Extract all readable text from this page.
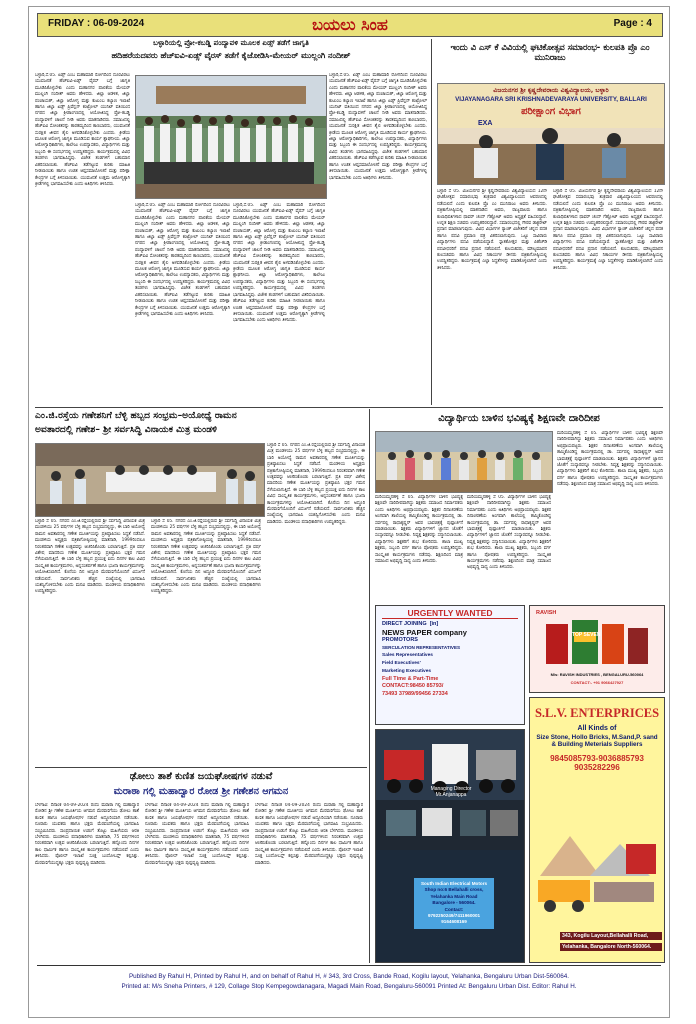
FRIDAY : 06-09-2024	ಬಯಲು ಸಿಂಹ	Page : 4
ಬಳ್ಳಾರಿಯಲ್ಲಿ ಪ್ರೋ-ಕಬಡ್ಡಿ ಪಂದ್ಯಾವಳಿ ಮೂಲಕ ಏಡ್ಸ್ ತಡೆಗೆ ಜಾಗೃತಿ
ಹದಿಹರೆಯದವರು ಹೆಚ್‌ಐವಿ-ಏಡ್ಸ್ ವೈರಸ್ ತಡೆಗೆ ಕೈಜೋಡಿಸಿ-ಮೇಯರ್ ಮುಲ್ಲಂಗಿ ನಂದೀಶ್

ಬಳ್ಳಾರಿ,ಸೆ.05. ಏಡ್ಸ್ ಎಂಬ ಮಹಾಮಾರಿ ರೋಗದಿಂದ ದೂರವಿರಲು ಯುವಜನತೆ ಹೆಚ್‌ಐವಿ-ಏಡ್ಸ್ ವೈರಸ್ ಬಗ್ಗೆ ಜಾಗೃತಿ ಮೂಡಿಸಿಕೊಳ್ಳಬೇಕು ಎಂದು ಮಹಾನಗರ ಪಾಲಿಕೆಯ ಮೇಯರ್ ಮುಲ್ಲಂಗಿ ನಂದೀಶ್ ಅವರು ಹೇಳಿದರು. ಜಿಲ್ಲಾ ಆಡಳಿತ, ಜಿಲ್ಲಾ ಪಂಚಾಯತ್, ಜಿಲ್ಲಾ ಆರೋಗ್ಯ ಮತ್ತು ಕುಟುಂಬ ಕಲ್ಯಾಣ ಇಲಾಖೆ ಹಾಗೂ ಜಿಲ್ಲಾ ಏಡ್ಸ್ ಪ್ರಿವೆನ್ಷನ್ ಕಂಟ್ರೋಲ್ ಯುನಿಟ್ ವತಿಯಿಂದ ನಗರದ ಜಿಲ್ಲಾ ಕ್ರೀಡಾಂಗಣದಲ್ಲಿ ಆಯೋಜಿಸಿದ್ದ ಪ್ರೋ-ಕಬಡ್ಡಿ ಪಂದ್ಯಾವಳಿಗೆ ಚಾಲನೆ ನೀಡಿ ಅವರು ಮಾತನಾಡಿದರು. ಸಮಾಜದಲ್ಲಿ ಹೆಚ್‌ಐವಿ ಸೋಂಕಿತರನ್ನು ತಾರತಮ್ಯದಿಂದ ಕಾಣಬಾರದು, ಯುವಜನತೆ ಸುರಕ್ಷಿತ ಜೀವನ ಶೈಲಿ ಅಳವಡಿಸಿಕೊಳ್ಳಬೇಕು ಎಂದರು. ಕ್ರೀಡೆಯ ಮೂಲಕ ಆರೋಗ್ಯ ಜಾಗೃತಿ ಮೂಡಿಸುವ ಕಾರ್ಯ ಶ್ಲಾಘನೀಯ. ಜಿಲ್ಲಾ ಆರೋಗ್ಯಾಧಿಕಾರಿಗಳು, ಕಾಲೇಜು ಉಪನ್ಯಾಸಕರು, ವಿದ್ಯಾರ್ಥಿಗಳು ಮತ್ತು ಸಿಬ್ಬಂದಿ ಈ ಸಂದರ್ಭದಲ್ಲಿ ಉಪಸ್ಥಿತರಿದ್ದರು. ಕಾರ್ಯಕ್ರಮದಲ್ಲಿ ವಿವಿಧ ತಂಡಗಳು ಭಾಗವಹಿಸಿದ್ದವು. ವಿಜೇತ ತಂಡಗಳಿಗೆ ಬಹುಮಾನ ವಿತರಿಸಲಾಯಿತು. ಹೆಚ್‌ಐವಿ ತಡೆಗಟ್ಟುವ ಕುರಿತು ಮಾಹಿತಿ ನೀಡಲಾಯಿತು ಹಾಗೂ ಉಚಿತ ಆಪ್ತಸಮಾಲೋಚನೆ ಮತ್ತು ಪರೀಕ್ಷಾ ಕೇಂದ್ರಗಳ ಬಗ್ಗೆ ತಿಳಿಸಲಾಯಿತು. ಯುವಜನತೆ ಉತ್ತಮ ಆರೋಗ್ಯಕ್ಕಾಗಿ ಕ್ರೀಡೆಗಳಲ್ಲಿ ಭಾಗವಹಿಸಬೇಕು ಎಂದು ಅತಿಥಿಗಳು ತಿಳಿಸಿದರು.

ಬಳ್ಳಾರಿ,ಸೆ.05. ಏಡ್ಸ್ ಎಂಬ ಮಹಾಮಾರಿ ರೋಗದಿಂದ ದೂರವಿರಲು ಯುವಜನತೆ ಹೆಚ್‌ಐವಿ-ಏಡ್ಸ್ ವೈರಸ್ ಬಗ್ಗೆ ಜಾಗೃತಿ ಮೂಡಿಸಿಕೊಳ್ಳಬೇಕು ಎಂದು ಮಹಾನಗರ ಪಾಲಿಕೆಯ ಮೇಯರ್ ಮುಲ್ಲಂಗಿ ನಂದೀಶ್ ಅವರು ಹೇಳಿದರು. ಜಿಲ್ಲಾ ಆಡಳಿತ, ಜಿಲ್ಲಾ ಪಂಚಾಯತ್, ಜಿಲ್ಲಾ ಆರೋಗ್ಯ ಮತ್ತು ಕುಟುಂಬ ಕಲ್ಯಾಣ ಇಲಾಖೆ ಹಾಗೂ ಜಿಲ್ಲಾ ಏಡ್ಸ್ ಪ್ರಿವೆನ್ಷನ್ ಕಂಟ್ರೋಲ್ ಯುನಿಟ್ ವತಿಯಿಂದ ನಗರದ ಜಿಲ್ಲಾ ಕ್ರೀಡಾಂಗಣದಲ್ಲಿ ಆಯೋಜಿಸಿದ್ದ ಪ್ರೋ-ಕಬಡ್ಡಿ ಪಂದ್ಯಾವಳಿಗೆ ಚಾಲನೆ ನೀಡಿ ಅವರು ಮಾತನಾಡಿದರು. ಸಮಾಜದಲ್ಲಿ ಹೆಚ್‌ಐವಿ ಸೋಂಕಿತರನ್ನು ತಾರತಮ್ಯದಿಂದ ಕಾಣಬಾರದು, ಯುವಜನತೆ ಸುರಕ್ಷಿತ ಜೀವನ ಶೈಲಿ ಅಳವಡಿಸಿಕೊಳ್ಳಬೇಕು ಎಂದರು. ಕ್ರೀಡೆಯ ಮೂಲಕ ಆರೋಗ್ಯ ಜಾಗೃತಿ ಮೂಡಿಸುವ ಕಾರ್ಯ ಶ್ಲಾಘನೀಯ. ಜಿಲ್ಲಾ ಆರೋಗ್ಯಾಧಿಕಾರಿಗಳು, ಕಾಲೇಜು ಉಪನ್ಯಾಸಕರು, ವಿದ್ಯಾರ್ಥಿಗಳು ಮತ್ತು ಸಿಬ್ಬಂದಿ ಈ ಸಂದರ್ಭದಲ್ಲಿ ಉಪಸ್ಥಿತರಿದ್ದರು. ಕಾರ್ಯಕ್ರಮದಲ್ಲಿ ವಿವಿಧ ತಂಡಗಳು ಭಾಗವಹಿಸಿದ್ದವು. ವಿಜೇತ ತಂಡಗಳಿಗೆ ಬಹುಮಾನ ವಿತರಿಸಲಾಯಿತು. ಹೆಚ್‌ಐವಿ ತಡೆಗಟ್ಟುವ ಕುರಿತು ಮಾಹಿತಿ ನೀಡಲಾಯಿತು ಹಾಗೂ ಉಚಿತ ಆಪ್ತಸಮಾಲೋಚನೆ ಮತ್ತು ಪರೀಕ್ಷಾ ಕೇಂದ್ರಗಳ ಬಗ್ಗೆ ತಿಳಿಸಲಾಯಿತು. ಯುವಜನತೆ ಉತ್ತಮ ಆರೋಗ್ಯಕ್ಕಾಗಿ ಕ್ರೀಡೆಗಳಲ್ಲಿ ಭಾಗವಹಿಸಬೇಕು ಎಂದು ಅತಿಥಿಗಳು ತಿಳಿಸಿದರು.

ಬಳ್ಳಾರಿ,ಸೆ.05. ಏಡ್ಸ್ ಎಂಬ ಮಹಾಮಾರಿ ರೋಗದಿಂದ ದೂರವಿರಲು ಯುವಜನತೆ ಹೆಚ್‌ಐವಿ-ಏಡ್ಸ್ ವೈರಸ್ ಬಗ್ಗೆ ಜಾಗೃತಿ ಮೂಡಿಸಿಕೊಳ್ಳಬೇಕು ಎಂದು ಮಹಾನಗರ ಪಾಲಿಕೆಯ ಮೇಯರ್ ಮುಲ್ಲಂಗಿ ನಂದೀಶ್ ಅವರು ಹೇಳಿದರು. ಜಿಲ್ಲಾ ಆಡಳಿತ, ಜಿಲ್ಲಾ ಪಂಚಾಯತ್, ಜಿಲ್ಲಾ ಆರೋಗ್ಯ ಮತ್ತು ಕುಟುಂಬ ಕಲ್ಯಾಣ ಇಲಾಖೆ ಹಾಗೂ ಜಿಲ್ಲಾ ಏಡ್ಸ್ ಪ್ರಿವೆನ್ಷನ್ ಕಂಟ್ರೋಲ್ ಯುನಿಟ್ ವತಿಯಿಂದ ನಗರದ ಜಿಲ್ಲಾ ಕ್ರೀಡಾಂಗಣದಲ್ಲಿ ಆಯೋಜಿಸಿದ್ದ ಪ್ರೋ-ಕಬಡ್ಡಿ ಪಂದ್ಯಾವಳಿಗೆ ಚಾಲನೆ ನೀಡಿ ಅವರು ಮಾತನಾಡಿದರು. ಸಮಾಜದಲ್ಲಿ ಹೆಚ್‌ಐವಿ ಸೋಂಕಿತರನ್ನು ತಾರತಮ್ಯದಿಂದ ಕಾಣಬಾರದು, ಯುವಜನತೆ ಸುರಕ್ಷಿತ ಜೀವನ ಶೈಲಿ ಅಳವಡಿಸಿಕೊಳ್ಳಬೇಕು ಎಂದರು. ಕ್ರೀಡೆಯ ಮೂಲಕ ಆರೋಗ್ಯ ಜಾಗೃತಿ ಮೂಡಿಸುವ ಕಾರ್ಯ ಶ್ಲಾಘನೀಯ. ಜಿಲ್ಲಾ ಆರೋಗ್ಯಾಧಿಕಾರಿಗಳು, ಕಾಲೇಜು ಉಪನ್ಯಾಸಕರು, ವಿದ್ಯಾರ್ಥಿಗಳು ಮತ್ತು ಸಿಬ್ಬಂದಿ ಈ ಸಂದರ್ಭದಲ್ಲಿ ಉಪಸ್ಥಿತರಿದ್ದರು. ಕಾರ್ಯಕ್ರಮದಲ್ಲಿ ವಿವಿಧ ತಂಡಗಳು ಭಾಗವಹಿಸಿದ್ದವು. ವಿಜೇತ ತಂಡಗಳಿಗೆ ಬಹುಮಾನ ವಿತರಿಸಲಾಯಿತು. ಹೆಚ್‌ಐವಿ ತಡೆಗಟ್ಟುವ ಕುರಿತು ಮಾಹಿತಿ ನೀಡಲಾಯಿತು ಹಾಗೂ ಉಚಿತ ಆಪ್ತಸಮಾಲೋಚನೆ ಮತ್ತು ಪರೀಕ್ಷಾ ಕೇಂದ್ರಗಳ ಬಗ್ಗೆ ತಿಳಿಸಲಾಯಿತು. ಯುವಜನತೆ ಉತ್ತಮ ಆರೋಗ್ಯಕ್ಕಾಗಿ ಕ್ರೀಡೆಗಳಲ್ಲಿ ಭಾಗವಹಿಸಬೇಕು ಎಂದು ಅತಿಥಿಗಳು ತಿಳಿಸಿದರು.

ಬಳ್ಳಾರಿ,ಸೆ.05. ಏಡ್ಸ್ ಎಂಬ ಮಹಾಮಾರಿ ರೋಗದಿಂದ ದೂರವಿರಲು ಯುವಜನತೆ ಹೆಚ್‌ಐವಿ-ಏಡ್ಸ್ ವೈರಸ್ ಬಗ್ಗೆ ಜಾಗೃತಿ ಮೂಡಿಸಿಕೊಳ್ಳಬೇಕು ಎಂದು ಮಹಾನಗರ ಪಾಲಿಕೆಯ ಮೇಯರ್ ಮುಲ್ಲಂಗಿ ನಂದೀಶ್ ಅವರು ಹೇಳಿದರು. ಜಿಲ್ಲಾ ಆಡಳಿತ, ಜಿಲ್ಲಾ ಪಂಚಾಯತ್, ಜಿಲ್ಲಾ ಆರೋಗ್ಯ ಮತ್ತು ಕುಟುಂಬ ಕಲ್ಯಾಣ ಇಲಾಖೆ ಹಾಗೂ ಜಿಲ್ಲಾ ಏಡ್ಸ್ ಪ್ರಿವೆನ್ಷನ್ ಕಂಟ್ರೋಲ್ ಯುನಿಟ್ ವತಿಯಿಂದ ನಗರದ ಜಿಲ್ಲಾ ಕ್ರೀಡಾಂಗಣದಲ್ಲಿ ಆಯೋಜಿಸಿದ್ದ ಪ್ರೋ-ಕಬಡ್ಡಿ ಪಂದ್ಯಾವಳಿಗೆ ಚಾಲನೆ ನೀಡಿ ಅವರು ಮಾತನಾಡಿದರು. ಸಮಾಜದಲ್ಲಿ ಹೆಚ್‌ಐವಿ ಸೋಂಕಿತರನ್ನು ತಾರತಮ್ಯದಿಂದ ಕಾಣಬಾರದು, ಯುವಜನತೆ ಸುರಕ್ಷಿತ ಜೀವನ ಶೈಲಿ ಅಳವಡಿಸಿಕೊಳ್ಳಬೇಕು ಎಂದರು. ಕ್ರೀಡೆಯ ಮೂಲಕ ಆರೋಗ್ಯ ಜಾಗೃತಿ ಮೂಡಿಸುವ ಕಾರ್ಯ ಶ್ಲಾಘನೀಯ. ಜಿಲ್ಲಾ ಆರೋಗ್ಯಾಧಿಕಾರಿಗಳು, ಕಾಲೇಜು ಉಪನ್ಯಾಸಕರು, ವಿದ್ಯಾರ್ಥಿಗಳು ಮತ್ತು ಸಿಬ್ಬಂದಿ ಈ ಸಂದರ್ಭದಲ್ಲಿ ಉಪಸ್ಥಿತರಿದ್ದರು. ಕಾರ್ಯಕ್ರಮದಲ್ಲಿ ವಿವಿಧ ತಂಡಗಳು ಭಾಗವಹಿಸಿದ್ದವು. ವಿಜೇತ ತಂಡಗಳಿಗೆ ಬಹುಮಾನ ವಿತರಿಸಲಾಯಿತು. ಹೆಚ್‌ಐವಿ ತಡೆಗಟ್ಟುವ ಕುರಿತು ಮಾಹಿತಿ ನೀಡಲಾಯಿತು ಹಾಗೂ ಉಚಿತ ಆಪ್ತಸಮಾಲೋಚನೆ ಮತ್ತು ಪರೀಕ್ಷಾ ಕೇಂದ್ರಗಳ ಬಗ್ಗೆ ತಿಳಿಸಲಾಯಿತು. ಯುವಜನತೆ ಉತ್ತಮ ಆರೋಗ್ಯಕ್ಕಾಗಿ ಕ್ರೀಡೆಗಳಲ್ಲಿ ಭಾಗವಹಿಸಬೇಕು ಎಂದು ಅತಿಥಿಗಳು ತಿಳಿಸಿದರು.

ಇಂದು ವಿ ಎಸ್ ಕೆ ವಿವಿಯಲ್ಲಿ ಘಟಿಕೋತ್ಸವ ಸಮಾರಂಭ- ಕುಲಪತಿ ಪ್ರೊ ಎಂ ಮುನಿರಾಜು
ವಿಜಯನಗರ ಶ್ರೀ ಕೃಷ್ಣದೇವರಾಯ ವಿಶ್ವವಿದ್ಯಾಲಯ, ಬಳ್ಳಾರಿ
VIJAYANAGARA SRI KRISHNADEVARAYA UNIVERSITY, BALLARI
ಪರೀಕ್ಷಾಂಗ ವಿಭಾಗ
EXA

ಬಳ್ಳಾರಿ ಸೆ 05. ವಿಜಯನಗರ ಶ್ರೀ ಕೃಷ್ಣದೇವರಾಯ ವಿಶ್ವವಿದ್ಯಾಲಯದ 12ನೇ ಘಟಿಕೋತ್ಸವ ಸಮಾರಂಭವು ಶುಕ್ರವಾರ ವಿಶ್ವವಿದ್ಯಾಲಯದ ಆವರಣದಲ್ಲಿ ನಡೆಯಲಿದೆ ಎಂದು ಕುಲಪತಿ ಪ್ರೊ ಎಂ ಮುನಿರಾಜು ಅವರು ತಿಳಿಸಿದರು. ಪತ್ರಿಕಾಗೋಷ್ಠಿಯಲ್ಲಿ ಮಾತನಾಡಿದ ಅವರು, ರಾಜ್ಯಪಾಲರು ಹಾಗೂ ಕುಲಾಧಿಪತಿಗಳಾದ ಥಾವರ್ ಚಂದ್ ಗೆಹ್ಲೋಟ್ ಅವರು ಅಧ್ಯಕ್ಷತೆ ವಹಿಸಲಿದ್ದಾರೆ. ಉನ್ನತ ಶಿಕ್ಷಣ ಸಚಿವರು ಉಪಸ್ಥಿತರಿರಲಿದ್ದಾರೆ. ಸಮಾರಂಭದಲ್ಲಿ ಗೌರವ ಡಾಕ್ಟರೇಟ್ ಪ್ರದಾನ ಮಾಡಲಾಗುವುದು. ವಿವಿಧ ವಿಭಾಗಗಳ ರ‍್ಯಾಂಕ್ ವಿಜೇತರಿಗೆ ಚಿನ್ನದ ಪದಕ ಹಾಗೂ ಪದವಿ ಪ್ರಮಾಣ ಪತ್ರ ವಿತರಿಸಲಾಗುವುದು. ಒಟ್ಟು ಸಾವಿರಾರು ವಿದ್ಯಾರ್ಥಿಗಳು ಪದವಿ ಪಡೆಯಲಿದ್ದಾರೆ. ಸ್ನಾತಕೋತ್ತರ ಮತ್ತು ಪಿಹೆಚ್‌ಡಿ ಪದವೀಧರರಿಗೆ ಪದವಿ ಪ್ರದಾನ ನಡೆಯಲಿದೆ. ಕುಲಸಚಿವರು, ಮೌಲ್ಯಮಾಪನ ಕುಲಸಚಿವರು ಹಾಗೂ ವಿವಿಧ ನಿಕಾಯಗಳ ಡೀನರು ಪತ್ರಿಕಾಗೋಷ್ಠಿಯಲ್ಲಿ ಉಪಸ್ಥಿತರಿದ್ದರು. ಕಾರ್ಯಕ್ರಮಕ್ಕೆ ಎಲ್ಲಾ ಸಿದ್ಧತೆಗಳನ್ನು ಮಾಡಿಕೊಳ್ಳಲಾಗಿದೆ ಎಂದು ತಿಳಿಸಿದರು.

ಬಳ್ಳಾರಿ ಸೆ 05. ವಿಜಯನಗರ ಶ್ರೀ ಕೃಷ್ಣದೇವರಾಯ ವಿಶ್ವವಿದ್ಯಾಲಯದ 12ನೇ ಘಟಿಕೋತ್ಸವ ಸಮಾರಂಭವು ಶುಕ್ರವಾರ ವಿಶ್ವವಿದ್ಯಾಲಯದ ಆವರಣದಲ್ಲಿ ನಡೆಯಲಿದೆ ಎಂದು ಕುಲಪತಿ ಪ್ರೊ ಎಂ ಮುನಿರಾಜು ಅವರು ತಿಳಿಸಿದರು. ಪತ್ರಿಕಾಗೋಷ್ಠಿಯಲ್ಲಿ ಮಾತನಾಡಿದ ಅವರು, ರಾಜ್ಯಪಾಲರು ಹಾಗೂ ಕುಲಾಧಿಪತಿಗಳಾದ ಥಾವರ್ ಚಂದ್ ಗೆಹ್ಲೋಟ್ ಅವರು ಅಧ್ಯಕ್ಷತೆ ವಹಿಸಲಿದ್ದಾರೆ. ಉನ್ನತ ಶಿಕ್ಷಣ ಸಚಿವರು ಉಪಸ್ಥಿತರಿರಲಿದ್ದಾರೆ. ಸಮಾರಂಭದಲ್ಲಿ ಗೌರವ ಡಾಕ್ಟರೇಟ್ ಪ್ರದಾನ ಮಾಡಲಾಗುವುದು. ವಿವಿಧ ವಿಭಾಗಗಳ ರ‍್ಯಾಂಕ್ ವಿಜೇತರಿಗೆ ಚಿನ್ನದ ಪದಕ ಹಾಗೂ ಪದವಿ ಪ್ರಮಾಣ ಪತ್ರ ವಿತರಿಸಲಾಗುವುದು. ಒಟ್ಟು ಸಾವಿರಾರು ವಿದ್ಯಾರ್ಥಿಗಳು ಪದವಿ ಪಡೆಯಲಿದ್ದಾರೆ. ಸ್ನಾತಕೋತ್ತರ ಮತ್ತು ಪಿಹೆಚ್‌ಡಿ ಪದವೀಧರರಿಗೆ ಪದವಿ ಪ್ರದಾನ ನಡೆಯಲಿದೆ. ಕುಲಸಚಿವರು, ಮೌಲ್ಯಮಾಪನ ಕುಲಸಚಿವರು ಹಾಗೂ ವಿವಿಧ ನಿಕಾಯಗಳ ಡೀನರು ಪತ್ರಿಕಾಗೋಷ್ಠಿಯಲ್ಲಿ ಉಪಸ್ಥಿತರಿದ್ದರು. ಕಾರ್ಯಕ್ರಮಕ್ಕೆ ಎಲ್ಲಾ ಸಿದ್ಧತೆಗಳನ್ನು ಮಾಡಿಕೊಳ್ಳಲಾಗಿದೆ ಎಂದು ತಿಳಿಸಿದರು.

ಎಂ.ಜಿ.ರಸ್ತೆಯ ಗಣೇಶನಿಗೆ ಬೆಳ್ಳಿ ಹಬ್ಬದ ಸಂಭ್ರಮ–ಅಯೋಧ್ಯೆ ರಾಮನ
ಅವತಾರದಲ್ಲಿ ಗಣೇಶ– ಶ್ರೀ ಸರ್ವಸಿದ್ಧಿ ವಿನಾಯಕ ಮಿತ್ರ ಮಂಡಳಿ

ಬಳ್ಳಾರಿ ಸೆ 05. ನಗರದ ಎಂ.ಜಿ.ರಸ್ತೆಯಲ್ಲಿರುವ ಶ್ರೀ ಸರ್ವಸಿದ್ಧಿ ವಿನಾಯಕ ಮಿತ್ರ ಮಂಡಳಿಯು 25 ವರ್ಷಗಳ ಬೆಳ್ಳಿ ಹಬ್ಬದ ಸಂಭ್ರಮದಲ್ಲಿದ್ದು, ಈ ಬಾರಿ ಅಯೋಧ್ಯೆ ರಾಮನ ಅವತಾರದಲ್ಲಿ ಗಣೇಶ ಮೂರ್ತಿಯನ್ನು ಪ್ರತಿಷ್ಠಾಪಿಸಲು ಸಿದ್ಧತೆ ನಡೆಸಿದೆ. ಮಂಡಳಿಯ ಅಧ್ಯಕ್ಷರು ಪತ್ರಿಕಾಗೋಷ್ಠಿಯಲ್ಲಿ ಮಾತನಾಡಿ, 1999ರಿಂದಲೂ ನಿರಂತರವಾಗಿ ಗಣೇಶ ಉತ್ಸವವನ್ನು ಆಚರಿಸಿಕೊಂಡು ಬರಲಾಗುತ್ತಿದೆ. ಪ್ರತಿ ವರ್ಷ ವಿಶೇಷ ಮಾದರಿಯ ಗಣೇಶ ಮೂರ್ತಿಯನ್ನು ಪ್ರತಿಷ್ಠಾಪಿಸಿ ಭಕ್ತರ ಗಮನ ಸೆಳೆಯಲಾಗುತ್ತಿದೆ. ಈ ಬಾರಿ ಬೆಳ್ಳಿ ಹಬ್ಬದ ಪ್ರಯುಕ್ತ ಐದು ದಿನಗಳ ಕಾಲ ವಿವಿಧ ಸಾಂಸ್ಕೃತಿಕ ಕಾರ್ಯಕ್ರಮಗಳು, ಅನ್ನಸಂತರ್ಪಣೆ ಹಾಗೂ ಭಜನಾ ಕಾರ್ಯಕ್ರಮಗಳನ್ನು ಆಯೋಜಿಸಲಾಗಿದೆ. ಕೊನೆಯ ದಿನ ಅದ್ದೂರಿ ಮೆರವಣಿಗೆಯೊಂದಿಗೆ ವಿಸರ್ಜನೆ ನಡೆಯಲಿದೆ. ಸಾರ್ವಜನಿಕರು ಹೆಚ್ಚಿನ ಸಂಖ್ಯೆಯಲ್ಲಿ ಭಾಗವಹಿಸಿ ಯಶಸ್ವಿಗೊಳಿಸಬೇಕು ಎಂದು ಮನವಿ ಮಾಡಿದರು. ಮಂಡಳಿಯ ಪದಾಧಿಕಾರಿಗಳು ಉಪಸ್ಥಿತರಿದ್ದರು.

ಬಳ್ಳಾರಿ ಸೆ 05. ನಗರದ ಎಂ.ಜಿ.ರಸ್ತೆಯಲ್ಲಿರುವ ಶ್ರೀ ಸರ್ವಸಿದ್ಧಿ ವಿನಾಯಕ ಮಿತ್ರ ಮಂಡಳಿಯು 25 ವರ್ಷಗಳ ಬೆಳ್ಳಿ ಹಬ್ಬದ ಸಂಭ್ರಮದಲ್ಲಿದ್ದು, ಈ ಬಾರಿ ಅಯೋಧ್ಯೆ ರಾಮನ ಅವತಾರದಲ್ಲಿ ಗಣೇಶ ಮೂರ್ತಿಯನ್ನು ಪ್ರತಿಷ್ಠಾಪಿಸಲು ಸಿದ್ಧತೆ ನಡೆಸಿದೆ. ಮಂಡಳಿಯ ಅಧ್ಯಕ್ಷರು ಪತ್ರಿಕಾಗೋಷ್ಠಿಯಲ್ಲಿ ಮಾತನಾಡಿ, 1999ರಿಂದಲೂ ನಿರಂತರವಾಗಿ ಗಣೇಶ ಉತ್ಸವವನ್ನು ಆಚರಿಸಿಕೊಂಡು ಬರಲಾಗುತ್ತಿದೆ. ಪ್ರತಿ ವರ್ಷ ವಿಶೇಷ ಮಾದರಿಯ ಗಣೇಶ ಮೂರ್ತಿಯನ್ನು ಪ್ರತಿಷ್ಠಾಪಿಸಿ ಭಕ್ತರ ಗಮನ ಸೆಳೆಯಲಾಗುತ್ತಿದೆ. ಈ ಬಾರಿ ಬೆಳ್ಳಿ ಹಬ್ಬದ ಪ್ರಯುಕ್ತ ಐದು ದಿನಗಳ ಕಾಲ ವಿವಿಧ ಸಾಂಸ್ಕೃತಿಕ ಕಾರ್ಯಕ್ರಮಗಳು, ಅನ್ನಸಂತರ್ಪಣೆ ಹಾಗೂ ಭಜನಾ ಕಾರ್ಯಕ್ರಮಗಳನ್ನು ಆಯೋಜಿಸಲಾಗಿದೆ. ಕೊನೆಯ ದಿನ ಅದ್ದೂರಿ ಮೆರವಣಿಗೆಯೊಂದಿಗೆ ವಿಸರ್ಜನೆ ನಡೆಯಲಿದೆ. ಸಾರ್ವಜನಿಕರು ಹೆಚ್ಚಿನ ಸಂಖ್ಯೆಯಲ್ಲಿ ಭಾಗವಹಿಸಿ ಯಶಸ್ವಿಗೊಳಿಸಬೇಕು ಎಂದು ಮನವಿ ಮಾಡಿದರು. ಮಂಡಳಿಯ ಪದಾಧಿಕಾರಿಗಳು ಉಪಸ್ಥಿತರಿದ್ದರು.

ಬಳ್ಳಾರಿ ಸೆ 05. ನಗರದ ಎಂ.ಜಿ.ರಸ್ತೆಯಲ್ಲಿರುವ ಶ್ರೀ ಸರ್ವಸಿದ್ಧಿ ವಿನಾಯಕ ಮಿತ್ರ ಮಂಡಳಿಯು 25 ವರ್ಷಗಳ ಬೆಳ್ಳಿ ಹಬ್ಬದ ಸಂಭ್ರಮದಲ್ಲಿದ್ದು, ಈ ಬಾರಿ ಅಯೋಧ್ಯೆ ರಾಮನ ಅವತಾರದಲ್ಲಿ ಗಣೇಶ ಮೂರ್ತಿಯನ್ನು ಪ್ರತಿಷ್ಠಾಪಿಸಲು ಸಿದ್ಧತೆ ನಡೆಸಿದೆ. ಮಂಡಳಿಯ ಅಧ್ಯಕ್ಷರು ಪತ್ರಿಕಾಗೋಷ್ಠಿಯಲ್ಲಿ ಮಾತನಾಡಿ, 1999ರಿಂದಲೂ ನಿರಂತರವಾಗಿ ಗಣೇಶ ಉತ್ಸವವನ್ನು ಆಚರಿಸಿಕೊಂಡು ಬರಲಾಗುತ್ತಿದೆ. ಪ್ರತಿ ವರ್ಷ ವಿಶೇಷ ಮಾದರಿಯ ಗಣೇಶ ಮೂರ್ತಿಯನ್ನು ಪ್ರತಿಷ್ಠಾಪಿಸಿ ಭಕ್ತರ ಗಮನ ಸೆಳೆಯಲಾಗುತ್ತಿದೆ. ಈ ಬಾರಿ ಬೆಳ್ಳಿ ಹಬ್ಬದ ಪ್ರಯುಕ್ತ ಐದು ದಿನಗಳ ಕಾಲ ವಿವಿಧ ಸಾಂಸ್ಕೃತಿಕ ಕಾರ್ಯಕ್ರಮಗಳು, ಅನ್ನಸಂತರ್ಪಣೆ ಹಾಗೂ ಭಜನಾ ಕಾರ್ಯಕ್ರಮಗಳನ್ನು ಆಯೋಜಿಸಲಾಗಿದೆ. ಕೊನೆಯ ದಿನ ಅದ್ದೂರಿ ಮೆರವಣಿಗೆಯೊಂದಿಗೆ ವಿಸರ್ಜನೆ ನಡೆಯಲಿದೆ. ಸಾರ್ವಜನಿಕರು ಹೆಚ್ಚಿನ ಸಂಖ್ಯೆಯಲ್ಲಿ ಭಾಗವಹಿಸಿ ಯಶಸ್ವಿಗೊಳಿಸಬೇಕು ಎಂದು ಮನವಿ ಮಾಡಿದರು. ಮಂಡಳಿಯ ಪದಾಧಿಕಾರಿಗಳು ಉಪಸ್ಥಿತರಿದ್ದರು.

ಢೋಲು ತಾಶೆ ಕುಣಿತ ಜಯಘೋಷಗಳ ನಡುವೆ
ಮರಾಠಾ ಗಲ್ಲಿ ಮಹಾದ್ವಾರ ರೋಡ ಶ್ರೀ ಗಣೇಶನ ಆಗಮನ

ಬೆಳಗಾವಿ: ದಿನಾಂಕ 04-09-2024 ರಂದು ಮರಾಠಾ ಗಲ್ಲಿ ಮಹಾದ್ವಾರ ರೋಡಿನ ಶ್ರೀ ಗಣೇಶ ಮೂರ್ತಿಯ ಆಗಮನ ಮೆರವಣಿಗೆಯು ಢೋಲು ತಾಶೆ ಕುಣಿತ ಹಾಗೂ ಜಯಘೋಷಗಳ ನಡುವೆ ಅದ್ದೂರಿಯಾಗಿ ನಡೆಯಿತು. ನೂರಾರು ಯುವಕರು ಹಾಗೂ ಭಕ್ತರು ಮೆರವಣಿಗೆಯಲ್ಲಿ ಭಾಗವಹಿಸಿ ಸಂಭ್ರಮಿಸಿದರು. ಸಾಂಪ್ರದಾಯಿಕ ಉಡುಗೆ ತೊಟ್ಟು ಮಹಿಳೆಯರು ಆರತಿ ಬೆಳಗಿದರು. ಮಂಡಳಿಯ ಪದಾಧಿಕಾರಿಗಳು ಮಾತನಾಡಿ, 75 ವರ್ಷಗಳಿಂದ ನಿರಂತರವಾಗಿ ಉತ್ಸವ ಆಚರಿಸಿಕೊಂಡು ಬರಲಾಗುತ್ತಿದೆ. ಹನ್ನೊಂದು ದಿನಗಳ ಕಾಲ ಧಾರ್ಮಿಕ ಹಾಗೂ ಸಾಂಸ್ಕೃತಿಕ ಕಾರ್ಯಕ್ರಮಗಳು ನಡೆಯಲಿವೆ ಎಂದು ತಿಳಿಸಿದರು. ಪೊಲೀಸ್ ಇಲಾಖೆ ಸೂಕ್ತ ಬಂದೋಬಸ್ತ್ ಕಲ್ಪಿಸಿತ್ತು. ಮೆರವಣಿಗೆಯುದ್ದಕ್ಕೂ ಭಕ್ತರು ಪುಷ್ಪವೃಷ್ಟಿ ಮಾಡಿದರು.

ಬೆಳಗಾವಿ: ದಿನಾಂಕ 04-09-2024 ರಂದು ಮರಾಠಾ ಗಲ್ಲಿ ಮಹಾದ್ವಾರ ರೋಡಿನ ಶ್ರೀ ಗಣೇಶ ಮೂರ್ತಿಯ ಆಗಮನ ಮೆರವಣಿಗೆಯು ಢೋಲು ತಾಶೆ ಕುಣಿತ ಹಾಗೂ ಜಯಘೋಷಗಳ ನಡುವೆ ಅದ್ದೂರಿಯಾಗಿ ನಡೆಯಿತು. ನೂರಾರು ಯುವಕರು ಹಾಗೂ ಭಕ್ತರು ಮೆರವಣಿಗೆಯಲ್ಲಿ ಭಾಗವಹಿಸಿ ಸಂಭ್ರಮಿಸಿದರು. ಸಾಂಪ್ರದಾಯಿಕ ಉಡುಗೆ ತೊಟ್ಟು ಮಹಿಳೆಯರು ಆರತಿ ಬೆಳಗಿದರು. ಮಂಡಳಿಯ ಪದಾಧಿಕಾರಿಗಳು ಮಾತನಾಡಿ, 75 ವರ್ಷಗಳಿಂದ ನಿರಂತರವಾಗಿ ಉತ್ಸವ ಆಚರಿಸಿಕೊಂಡು ಬರಲಾಗುತ್ತಿದೆ. ಹನ್ನೊಂದು ದಿನಗಳ ಕಾಲ ಧಾರ್ಮಿಕ ಹಾಗೂ ಸಾಂಸ್ಕೃತಿಕ ಕಾರ್ಯಕ್ರಮಗಳು ನಡೆಯಲಿವೆ ಎಂದು ತಿಳಿಸಿದರು. ಪೊಲೀಸ್ ಇಲಾಖೆ ಸೂಕ್ತ ಬಂದೋಬಸ್ತ್ ಕಲ್ಪಿಸಿತ್ತು. ಮೆರವಣಿಗೆಯುದ್ದಕ್ಕೂ ಭಕ್ತರು ಪುಷ್ಪವೃಷ್ಟಿ ಮಾಡಿದರು.

ಬೆಳಗಾವಿ: ದಿನಾಂಕ 04-09-2024 ರಂದು ಮರಾಠಾ ಗಲ್ಲಿ ಮಹಾದ್ವಾರ ರೋಡಿನ ಶ್ರೀ ಗಣೇಶ ಮೂರ್ತಿಯ ಆಗಮನ ಮೆರವಣಿಗೆಯು ಢೋಲು ತಾಶೆ ಕುಣಿತ ಹಾಗೂ ಜಯಘೋಷಗಳ ನಡುವೆ ಅದ್ದೂರಿಯಾಗಿ ನಡೆಯಿತು. ನೂರಾರು ಯುವಕರು ಹಾಗೂ ಭಕ್ತರು ಮೆರವಣಿಗೆಯಲ್ಲಿ ಭಾಗವಹಿಸಿ ಸಂಭ್ರಮಿಸಿದರು. ಸಾಂಪ್ರದಾಯಿಕ ಉಡುಗೆ ತೊಟ್ಟು ಮಹಿಳೆಯರು ಆರತಿ ಬೆಳಗಿದರು. ಮಂಡಳಿಯ ಪದಾಧಿಕಾರಿಗಳು ಮಾತನಾಡಿ, 75 ವರ್ಷಗಳಿಂದ ನಿರಂತರವಾಗಿ ಉತ್ಸವ ಆಚರಿಸಿಕೊಂಡು ಬರಲಾಗುತ್ತಿದೆ. ಹನ್ನೊಂದು ದಿನಗಳ ಕಾಲ ಧಾರ್ಮಿಕ ಹಾಗೂ ಸಾಂಸ್ಕೃತಿಕ ಕಾರ್ಯಕ್ರಮಗಳು ನಡೆಯಲಿವೆ ಎಂದು ತಿಳಿಸಿದರು. ಪೊಲೀಸ್ ಇಲಾಖೆ ಸೂಕ್ತ ಬಂದೋಬಸ್ತ್ ಕಲ್ಪಿಸಿತ್ತು. ಮೆರವಣಿಗೆಯುದ್ದಕ್ಕೂ ಭಕ್ತರು ಪುಷ್ಪವೃಷ್ಟಿ ಮಾಡಿದರು.

ವಿದ್ಯಾರ್ಥಿಯ ಬಾಳಿನ ಭವಿಷ್ಯಕ್ಕೆ ಶಿಕ್ಷಣವೇ ದಾರಿದೀಪ

ಮರಿಯಮ್ಮನಹಳ್ಳಿ ಸೆ 05. ವಿದ್ಯಾರ್ಥಿಗಳ ಬಾಳಿನ ಭವಿಷ್ಯಕ್ಕೆ ಶಿಕ್ಷಣವೇ ದಾರಿದೀಪವಾಗಿದ್ದು ಶಿಕ್ಷಕರು ಸಮಾಜದ ನಿರ್ಮಾಪಕರು ಎಂದು ಅತಿಥಿಗಳು ಅಭಿಪ್ರಾಯಪಟ್ಟರು. ಶಿಕ್ಷಕರ ದಿನಾಚರಣೆಯ ಅಂಗವಾಗಿ ಶಾಲೆಯಲ್ಲಿ ಹಮ್ಮಿಕೊಂಡಿದ್ದ ಕಾರ್ಯಕ್ರಮದಲ್ಲಿ ಡಾ. ಸರ್ವಪಲ್ಲಿ ರಾಧಾಕೃಷ್ಣನ್ ಅವರ ಭಾವಚಿತ್ರಕ್ಕೆ ಪುಷ್ಪಾರ್ಚನೆ ಮಾಡಲಾಯಿತು. ಶಿಕ್ಷಕರು ವಿದ್ಯಾರ್ಥಿಗಳಿಗೆ ಜ್ಞಾನದ ಜೊತೆಗೆ ಸಂಸ್ಕಾರವನ್ನೂ ನೀಡಬೇಕು. ನಿವೃತ್ತ ಶಿಕ್ಷಕರನ್ನು ಸನ್ಮಾನಿಸಲಾಯಿತು. ವಿದ್ಯಾರ್ಥಿಗಳು ಶಿಕ್ಷಕರಿಗೆ ಶುಭ ಕೋರಿದರು. ಶಾಲಾ ಮುಖ್ಯ ಶಿಕ್ಷಕರು, ಸಿಬ್ಬಂದಿ ವರ್ಗ ಹಾಗೂ ಪೋಷಕರು ಉಪಸ್ಥಿತರಿದ್ದರು. ಸಾಂಸ್ಕೃತಿಕ ಕಾರ್ಯಕ್ರಮಗಳು ನಡೆದವು. ಶಿಕ್ಷಣದಿಂದ ಮಾತ್ರ ಸಮಾಜದ ಅಭಿವೃದ್ಧಿ ಸಾಧ್ಯ ಎಂದು ತಿಳಿಸಿದರು.

ಮರಿಯಮ್ಮನಹಳ್ಳಿ ಸೆ 05. ವಿದ್ಯಾರ್ಥಿಗಳ ಬಾಳಿನ ಭವಿಷ್ಯಕ್ಕೆ ಶಿಕ್ಷಣವೇ ದಾರಿದೀಪವಾಗಿದ್ದು ಶಿಕ್ಷಕರು ಸಮಾಜದ ನಿರ್ಮಾಪಕರು ಎಂದು ಅತಿಥಿಗಳು ಅಭಿಪ್ರಾಯಪಟ್ಟರು. ಶಿಕ್ಷಕರ ದಿನಾಚರಣೆಯ ಅಂಗವಾಗಿ ಶಾಲೆಯಲ್ಲಿ ಹಮ್ಮಿಕೊಂಡಿದ್ದ ಕಾರ್ಯಕ್ರಮದಲ್ಲಿ ಡಾ. ಸರ್ವಪಲ್ಲಿ ರಾಧಾಕೃಷ್ಣನ್ ಅವರ ಭಾವಚಿತ್ರಕ್ಕೆ ಪುಷ್ಪಾರ್ಚನೆ ಮಾಡಲಾಯಿತು. ಶಿಕ್ಷಕರು ವಿದ್ಯಾರ್ಥಿಗಳಿಗೆ ಜ್ಞಾನದ ಜೊತೆಗೆ ಸಂಸ್ಕಾರವನ್ನೂ ನೀಡಬೇಕು. ನಿವೃತ್ತ ಶಿಕ್ಷಕರನ್ನು ಸನ್ಮಾನಿಸಲಾಯಿತು. ವಿದ್ಯಾರ್ಥಿಗಳು ಶಿಕ್ಷಕರಿಗೆ ಶುಭ ಕೋರಿದರು. ಶಾಲಾ ಮುಖ್ಯ ಶಿಕ್ಷಕರು, ಸಿಬ್ಬಂದಿ ವರ್ಗ ಹಾಗೂ ಪೋಷಕರು ಉಪಸ್ಥಿತರಿದ್ದರು. ಸಾಂಸ್ಕೃತಿಕ ಕಾರ್ಯಕ್ರಮಗಳು ನಡೆದವು. ಶಿಕ್ಷಣದಿಂದ ಮಾತ್ರ ಸಮಾಜದ ಅಭಿವೃದ್ಧಿ ಸಾಧ್ಯ ಎಂದು ತಿಳಿಸಿದರು.

ಮರಿಯಮ್ಮನಹಳ್ಳಿ ಸೆ 05. ವಿದ್ಯಾರ್ಥಿಗಳ ಬಾಳಿನ ಭವಿಷ್ಯಕ್ಕೆ ಶಿಕ್ಷಣವೇ ದಾರಿದೀಪವಾಗಿದ್ದು ಶಿಕ್ಷಕರು ಸಮಾಜದ ನಿರ್ಮಾಪಕರು ಎಂದು ಅತಿಥಿಗಳು ಅಭಿಪ್ರಾಯಪಟ್ಟರು. ಶಿಕ್ಷಕರ ದಿನಾಚರಣೆಯ ಅಂಗವಾಗಿ ಶಾಲೆಯಲ್ಲಿ ಹಮ್ಮಿಕೊಂಡಿದ್ದ ಕಾರ್ಯಕ್ರಮದಲ್ಲಿ ಡಾ. ಸರ್ವಪಲ್ಲಿ ರಾಧಾಕೃಷ್ಣನ್ ಅವರ ಭಾವಚಿತ್ರಕ್ಕೆ ಪುಷ್ಪಾರ್ಚನೆ ಮಾಡಲಾಯಿತು. ಶಿಕ್ಷಕರು ವಿದ್ಯಾರ್ಥಿಗಳಿಗೆ ಜ್ಞಾನದ ಜೊತೆಗೆ ಸಂಸ್ಕಾರವನ್ನೂ ನೀಡಬೇಕು. ನಿವೃತ್ತ ಶಿಕ್ಷಕರನ್ನು ಸನ್ಮಾನಿಸಲಾಯಿತು. ವಿದ್ಯಾರ್ಥಿಗಳು ಶಿಕ್ಷಕರಿಗೆ ಶುಭ ಕೋರಿದರು. ಶಾಲಾ ಮುಖ್ಯ ಶಿಕ್ಷಕರು, ಸಿಬ್ಬಂದಿ ವರ್ಗ ಹಾಗೂ ಪೋಷಕರು ಉಪಸ್ಥಿತರಿದ್ದರು. ಸಾಂಸ್ಕೃತಿಕ ಕಾರ್ಯಕ್ರಮಗಳು ನಡೆದವು. ಶಿಕ್ಷಣದಿಂದ ಮಾತ್ರ ಸಮಾಜದ ಅಭಿವೃದ್ಧಿ ಸಾಧ್ಯ ಎಂದು ತಿಳಿಸಿದರು.

URGENTLY WANTED
DIRECT JOINING [in]
NEWS PAPER company
PROMOTORS
SERCULATION REPRESENTATIVES
Sales Representatives
Field Executives'
Marketing Executives
Full Time & Part-Time
CONTACT:98450 85793/
73493 37989/99456 27334
RAVISH
TOP SEVEN
M/s: RAVISH INDUSTRIES , BENGALURU-560064
CONTACT:- +91 9066427927
S.L.V. ENTERPRICES
All Kinds of
Size Stone, Hollo Bricks, M.Sand,P. sand
& Building Meterials Suppliers
9845085793-9036885793
9035282296
343, Kogilu Layout,Bellahalli Road,
Yelahanka, Bangalore North-560064.
Managing Director Mr.Anjanappa
South Indian Electrical Motors
Shop no:6 Bellahalli cross, Yelahanka Main Road
Bangalore - 560064.
Contact:
9792250249/7411960001
9164608169
Published By Rahul H, Printed by Rahul H, and on behalf of Rahul H, # 343, 3rd Cross, Bande Road, Kogilu layout, Yelahanka, Bengaluru Urban Dist-560064.
Printed at: M/s Sneha Printers, # 129, Collage Stop Kempegowdanagara, Magadi Main Road, Bengaluru-560091 Printed At: Bengaluru Urban Dist. Editor: Rahul H.
